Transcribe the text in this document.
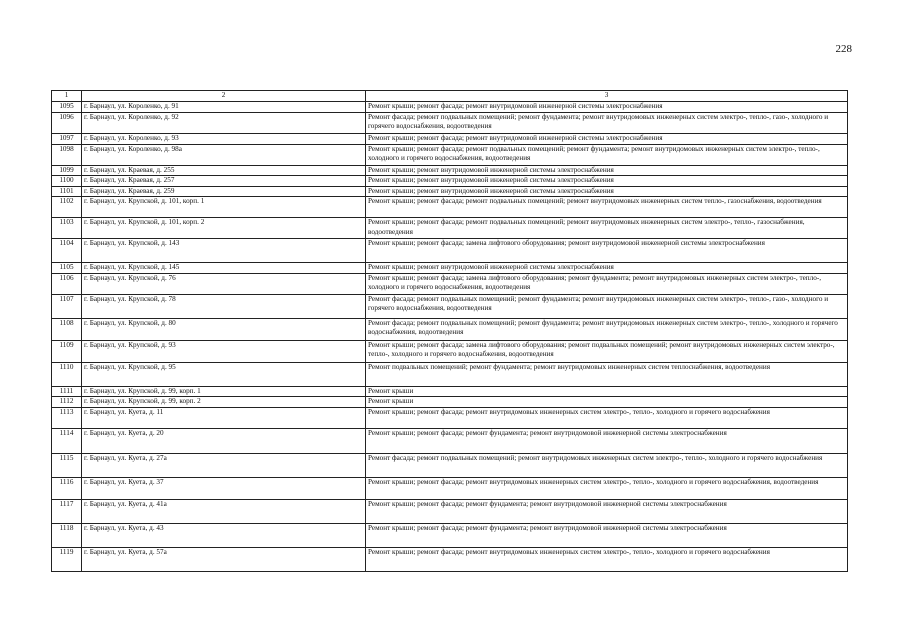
228
1	2	3
1095	г. Барнаул, ул. Короленко, д. 91	Ремонт крыши; ремонт фасада; ремонт внутридомовой инженерной системы электроснабжения
1096	г. Барнаул, ул. Короленко, д. 92	Ремонт фасада; ремонт подвальных помещений; ремонт фундамента; ремонт внутридомовых инженерных систем электро-, тепло-, газо-, холодного и горячего водоснабжения, водоотведения
1097	г. Барнаул, ул. Короленко, д. 93	Ремонт крыши; ремонт фасада; ремонт внутридомовой инженерной системы электроснабжения
1098	г. Барнаул, ул. Короленко, д. 98а	Ремонт крыши; ремонт фасада; ремонт подвальных помещений; ремонт фундамента; ремонт внутридомовых инженерных систем электро-, тепло-, холодного и горячего водоснабжения, водоотведения
1099	г. Барнаул, ул. Краевая, д. 255	Ремонт крыши; ремонт внутридомовой инженерной системы электроснабжения
1100	г. Барнаул, ул. Краевая, д. 257	Ремонт крыши; ремонт внутридомовой инженерной системы электроснабжения
1101	г. Барнаул, ул. Краевая, д. 259	Ремонт крыши; ремонт внутридомовой инженерной системы электроснабжения
1102	г. Барнаул, ул. Крупской, д. 101, корп. 1	Ремонт крыши; ремонт фасада; ремонт подвальных помещений; ремонт внутридомовых инженерных систем тепло-, газоснабжения, водоотведения
1103	г. Барнаул, ул. Крупской, д. 101, корп. 2	Ремонт крыши; ремонт фасада; ремонт подвальных помещений; ремонт внутридомовых инженерных систем электро-, тепло-, газоснабжения, водоотведения
1104	г. Барнаул, ул. Крупской, д. 143	Ремонт крыши; ремонт фасада; замена лифтового оборудования; ремонт внутридомовой инженерной системы электроснабжения
1105	г. Барнаул, ул. Крупской, д. 145	Ремонт крыши; ремонт внутридомовой инженерной системы электроснабжения
1106	г. Барнаул, ул. Крупской, д. 76	Ремонт крыши; ремонт фасада; замена лифтового оборудования; ремонт фундамента; ремонт внутридомовых инженерных систем электро-, тепло-, холодного и горячего водоснабжения, водоотведения
1107	г. Барнаул, ул. Крупской, д. 78	Ремонт фасада; ремонт подвальных помещений; ремонт фундамента; ремонт внутридомовых инженерных систем электро-, тепло-, газо-, холодного и горячего водоснабжения, водоотведения
1108	г. Барнаул, ул. Крупской, д. 80	Ремонт фасада; ремонт подвальных помещений; ремонт фундамента; ремонт внутридомовых инженерных систем электро-, тепло-, холодного и горячего водоснабжения, водоотведения
1109	г. Барнаул, ул. Крупской, д. 93	Ремонт крыши; ремонт фасада; замена лифтового оборудования; ремонт подвальных помещений; ремонт внутридомовых инженерных систем электро-, тепло-, холодного и горячего водоснабжения, водоотведения
1110	г. Барнаул, ул. Крупской, д. 95	Ремонт подвальных помещений; ремонт фундамента; ремонт внутридомовых инженерных систем теплоснабжения, водоотведения
1111	г. Барнаул, ул. Крупской, д. 99, корп. 1	Ремонт крыши
1112	г. Барнаул, ул. Крупской, д. 99, корп. 2	Ремонт крыши
1113	г. Барнаул, ул. Куета, д. 11	Ремонт крыши; ремонт фасада; ремонт внутридомовых инженерных систем электро-, тепло-, холодного и горячего водоснабжения
1114	г. Барнаул, ул. Куета, д. 20	Ремонт крыши; ремонт фасада; ремонт фундамента; ремонт внутридомовой инженерной системы электроснабжения
1115	г. Барнаул, ул. Куета, д. 27а	Ремонт фасада; ремонт подвальных помещений; ремонт внутридомовых инженерных систем электро-, тепло-, холодного и горячего водоснабжения
1116	г. Барнаул, ул. Куета, д. 37	Ремонт крыши; ремонт фасада; ремонт внутридомовых инженерных систем электро-, тепло-, холодного и горячего водоснабжения, водоотведения
1117	г. Барнаул, ул. Куета, д. 41а	Ремонт крыши; ремонт фасада; ремонт фундамента; ремонт внутридомовой инженерной системы электроснабжения
1118	г. Барнаул, ул. Куета, д. 43	Ремонт крыши; ремонт фасада; ремонт фундамента; ремонт внутридомовой инженерной системы электроснабжения
1119	г. Барнаул, ул. Куета, д. 57а	Ремонт крыши; ремонт фасада; ремонт внутридомовых инженерных систем электро-, тепло-, холодного и горячего водоснабжения
